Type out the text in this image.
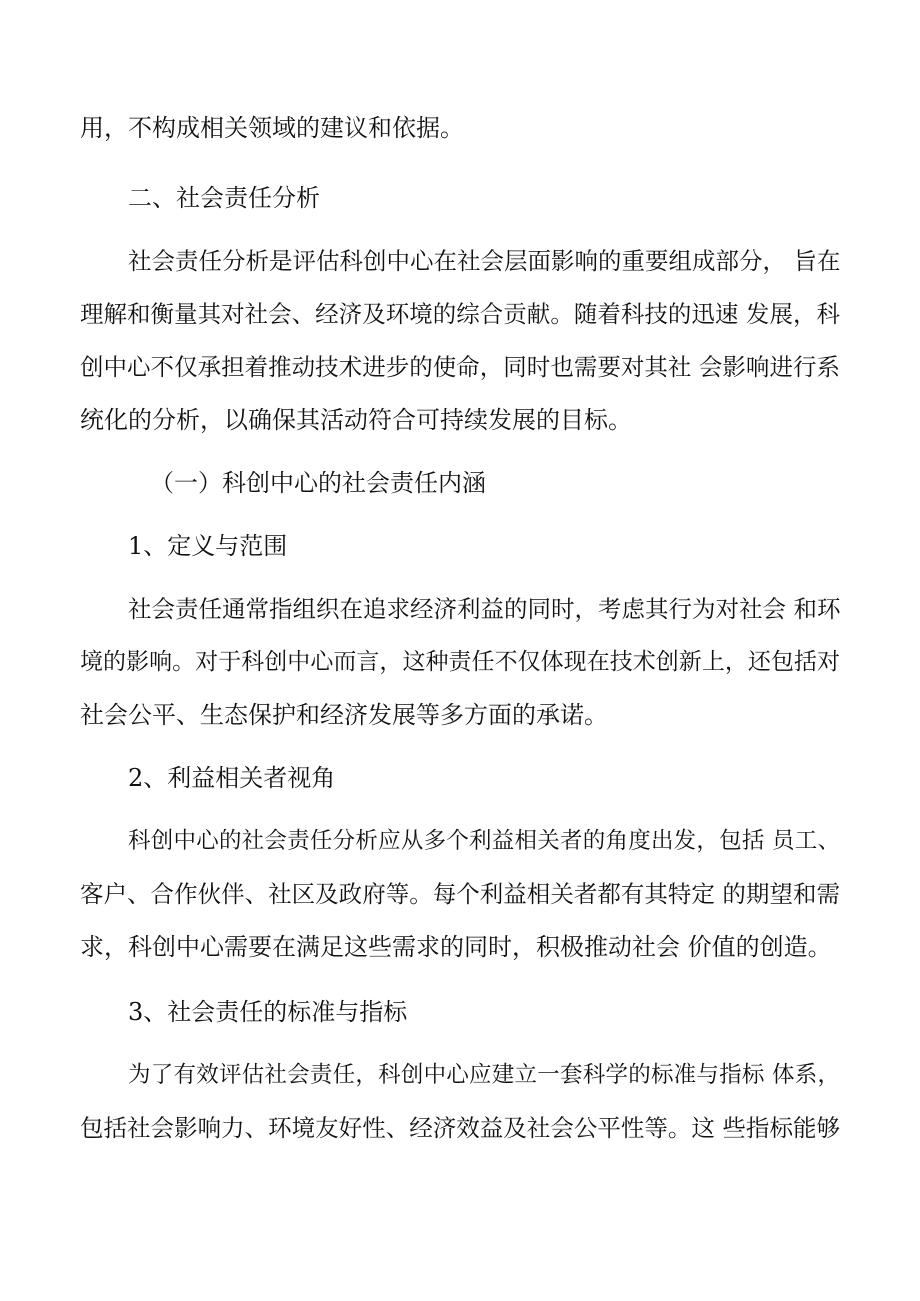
用，不构成相关领域的建议和依据。
二、社会责任分析
社会责任分析是评估科创中心在社会层面影响的重要组成部分， 旨在
理解和衡量其对社会、经济及环境的综合贡献。随着科技的迅速 发展，科
创中心不仅承担着推动技术进步的使命，同时也需要对其社 会影响进行系
统化的分析，以确保其活动符合可持续发展的目标。
（一）科创中心的社会责任内涵
1、定义与范围
社会责任通常指组织在追求经济利益的同时，考虑其行为对社会 和环
境的影响。对于科创中心而言，这种责任不仅体现在技术创新上，还包括对
社会公平、生态保护和经济发展等多方面的承诺。
2、利益相关者视角
科创中心的社会责任分析应从多个利益相关者的角度出发，包括 员工、
客户、合作伙伴、社区及政府等。每个利益相关者都有其特定 的期望和需
求，科创中心需要在满足这些需求的同时，积极推动社会 价值的创造。
3、社会责任的标准与指标
为了有效评估社会责任，科创中心应建立一套科学的标准与指标 体系，
包括社会影响力、环境友好性、经济效益及社会公平性等。这 些指标能够
